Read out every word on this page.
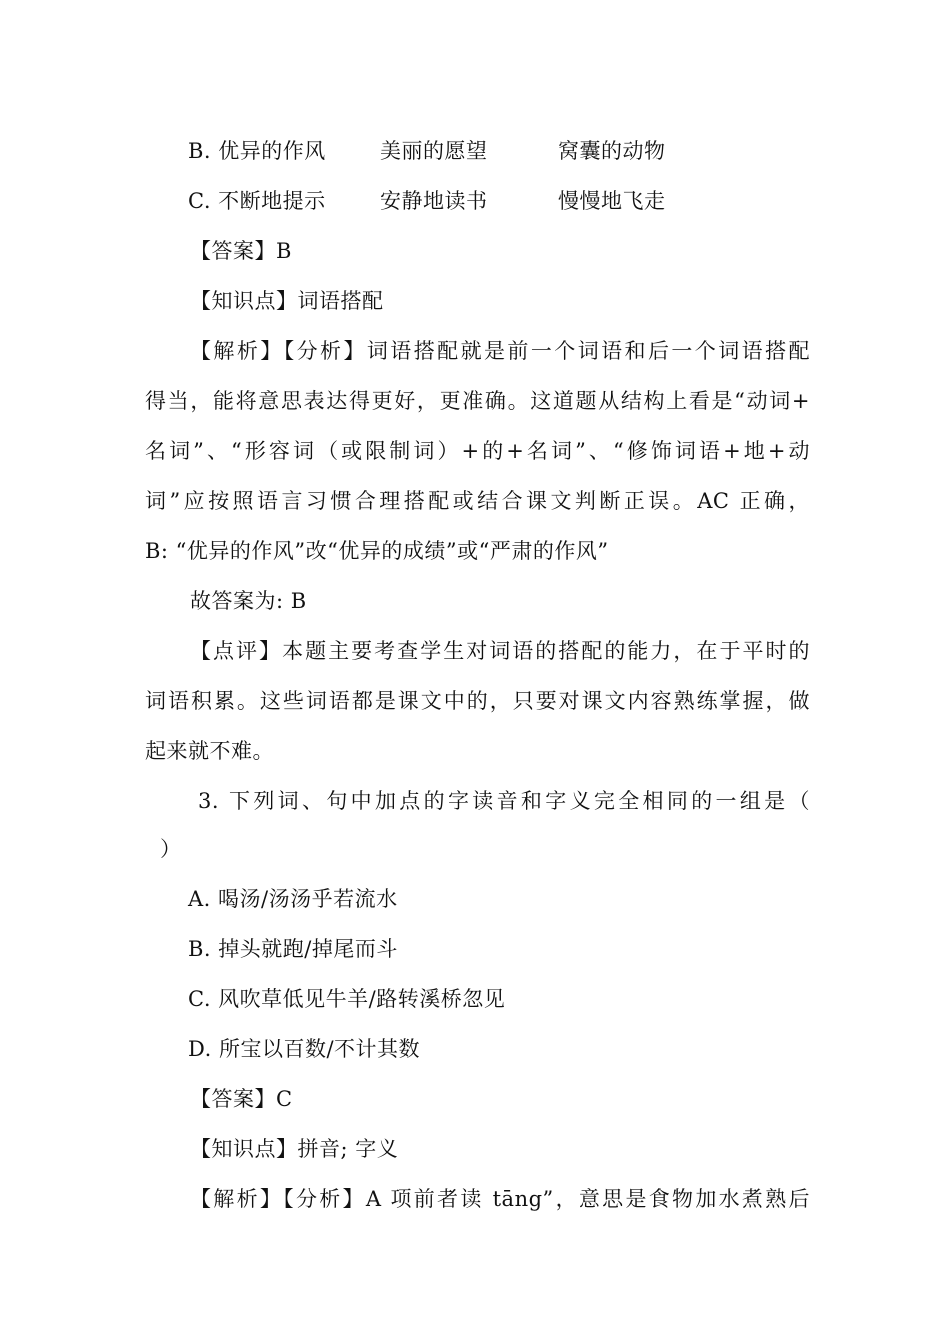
B. 优异的作风	美丽的愿望	窝囊的动物
C. 不断地提示	安静地读书	慢慢地飞走
【答案】B
【知识点】词语搭配
【解析】【分析】词语搭配就是前一个词语和后一个词语搭配
得当，能将意思表达得更好，更准确。这道题从结构上看是“动词+
名词”、“形容词（或限制词）+的+名词”、“修饰词语+地+动
词”应按照语言习惯合理搭配或结合课文判断正误。AC 正确，
B: “优异的作风”改“优异的成绩”或“严肃的作风”
故答案为: B
【点评】本题主要考查学生对词语的搭配的能力，在于平时的
词语积累。这些词语都是课文中的，只要对课文内容熟练掌握，做
起来就不难。
3. 下列词、句中加点的字读音和字义完全相同的一组是（
）
A. 喝汤/汤汤乎若流水
B. 掉头就跑/掉尾而斗
C. 风吹草低见牛羊/路转溪桥忽见
D. 所宝以百数/不计其数
【答案】C
【知识点】拼音; 字义
【解析】【分析】A 项前者读 tāng”，意思是食物加水煮熟后
